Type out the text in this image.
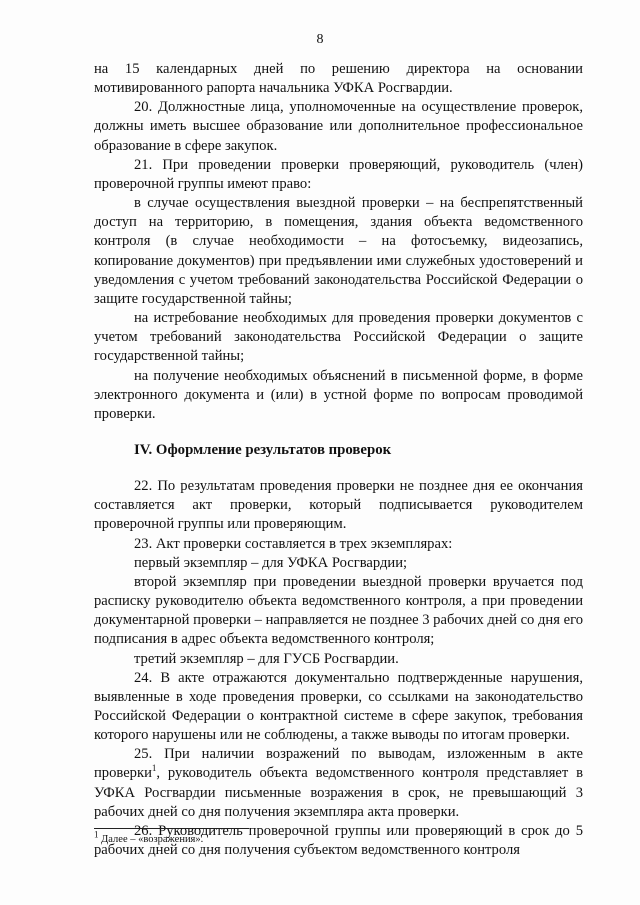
8

на 15 календарных дней по решению директора на основании мотивированного рапорта начальника УФКА Росгвардии.

20. Должностные лица, уполномоченные на осуществление проверок, должны иметь высшее образование или дополнительное профессиональное образование в сфере закупок.

21. При проведении проверки проверяющий, руководитель (член) проверочной группы имеют право:

в случае осуществления выездной проверки – на беспрепятственный доступ на территорию, в помещения, здания объекта ведомственного контроля (в случае необходимости – на фотосъемку, видеозапись, копирование документов) при предъявлении ими служебных удостоверений и уведомления с учетом требований законодательства Российской Федерации о защите государственной тайны;

на истребование необходимых для проведения проверки документов с учетом требований законодательства Российской Федерации о защите государственной тайны;

на получение необходимых объяснений в письменной форме, в форме электронного документа и (или) в устной форме по вопросам проводимой проверки.

IV. Оформление результатов проверок

22. По результатам проведения проверки не позднее дня ее окончания составляется акт проверки, который подписывается руководителем проверочной группы или проверяющим.

23. Акт проверки составляется в трех экземплярах:

первый экземпляр – для УФКА Росгвардии;

второй экземпляр при проведении выездной проверки вручается под расписку руководителю объекта ведомственного контроля, а при проведении документарной проверки – направляется не позднее 3 рабочих дней со дня его подписания в адрес объекта ведомственного контроля;

третий экземпляр – для ГУСБ Росгвардии.

24. В акте отражаются документально подтвержденные нарушения, выявленные в ходе проведения проверки, со ссылками на законодательство Российской Федерации о контрактной системе в сфере закупок, требования которого нарушены или не соблюдены, а также выводы по итогам проверки.

25. При наличии возражений по выводам, изложенным в акте проверки$^1$, руководитель объекта ведомственного контроля представляет в УФКА Росгвардии письменные возражения в срок, не превышающий 3 рабочих дней со дня получения экземпляра акта проверки.

26. Руководитель проверочной группы или проверяющий в срок до 5 рабочих дней со дня получения субъектом ведомственного контроля

$^1$ Далее – «возражения».
